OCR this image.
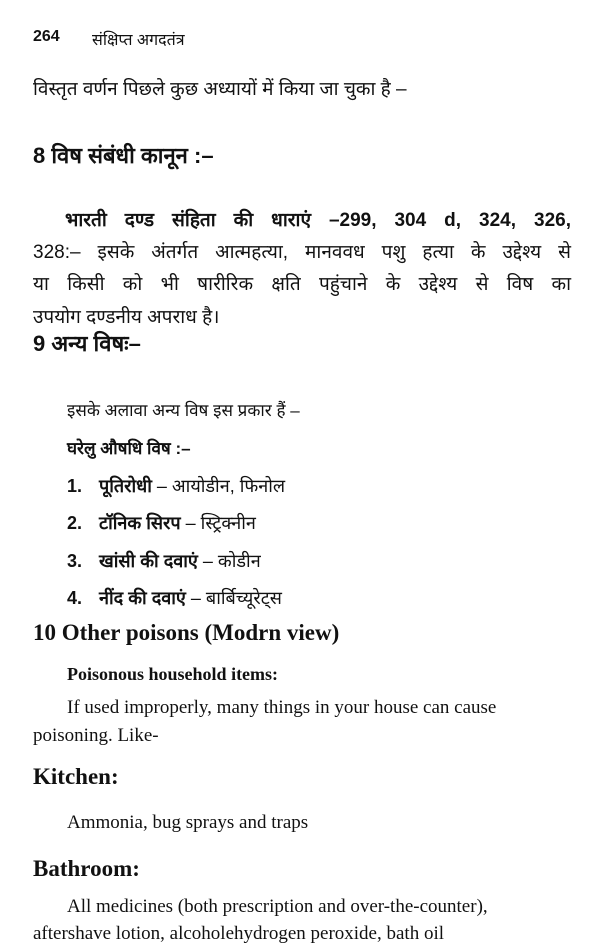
264 संक्षिप्त अगदतंत्र
विस्तृत वर्णन पिछले कुछ अध्यायों में किया जा चुका है –
8 विष संबंधी कानून :–
भारती दण्ड संहिता की धाराएं –299, 304 d, 324, 326,
328:– इसके अंतर्गत आत्महत्या, मानववध पशु हत्या के उद्देश्य से
या किसी को भी षारीरिक क्षति पहुंचाने के उद्देश्य से विष का
उपयोग दण्डनीय अपराध है।
9 अन्य विषः–
इसके अलावा अन्य विष इस प्रकार हैं –
घरेलु औषधि विष :–
1. पूतिरोधी – आयोडीन, फिनोल
2. टॉनिक सिरप – स्ट्रिक्नीन
3. खांसी की दवाएं – कोडीन
4. नींद की दवाएं – बार्बिच्यूरेट्स
10 Other poisons (Modrn view)
Poisonous household items:
If used improperly, many things in your house can cause
poisoning. Like-
Kitchen:
Ammonia, bug sprays and traps
Bathroom:
All medicines (both prescription and over-the-counter),
aftershave lotion, alcoholehydrogen peroxide, bath oil
